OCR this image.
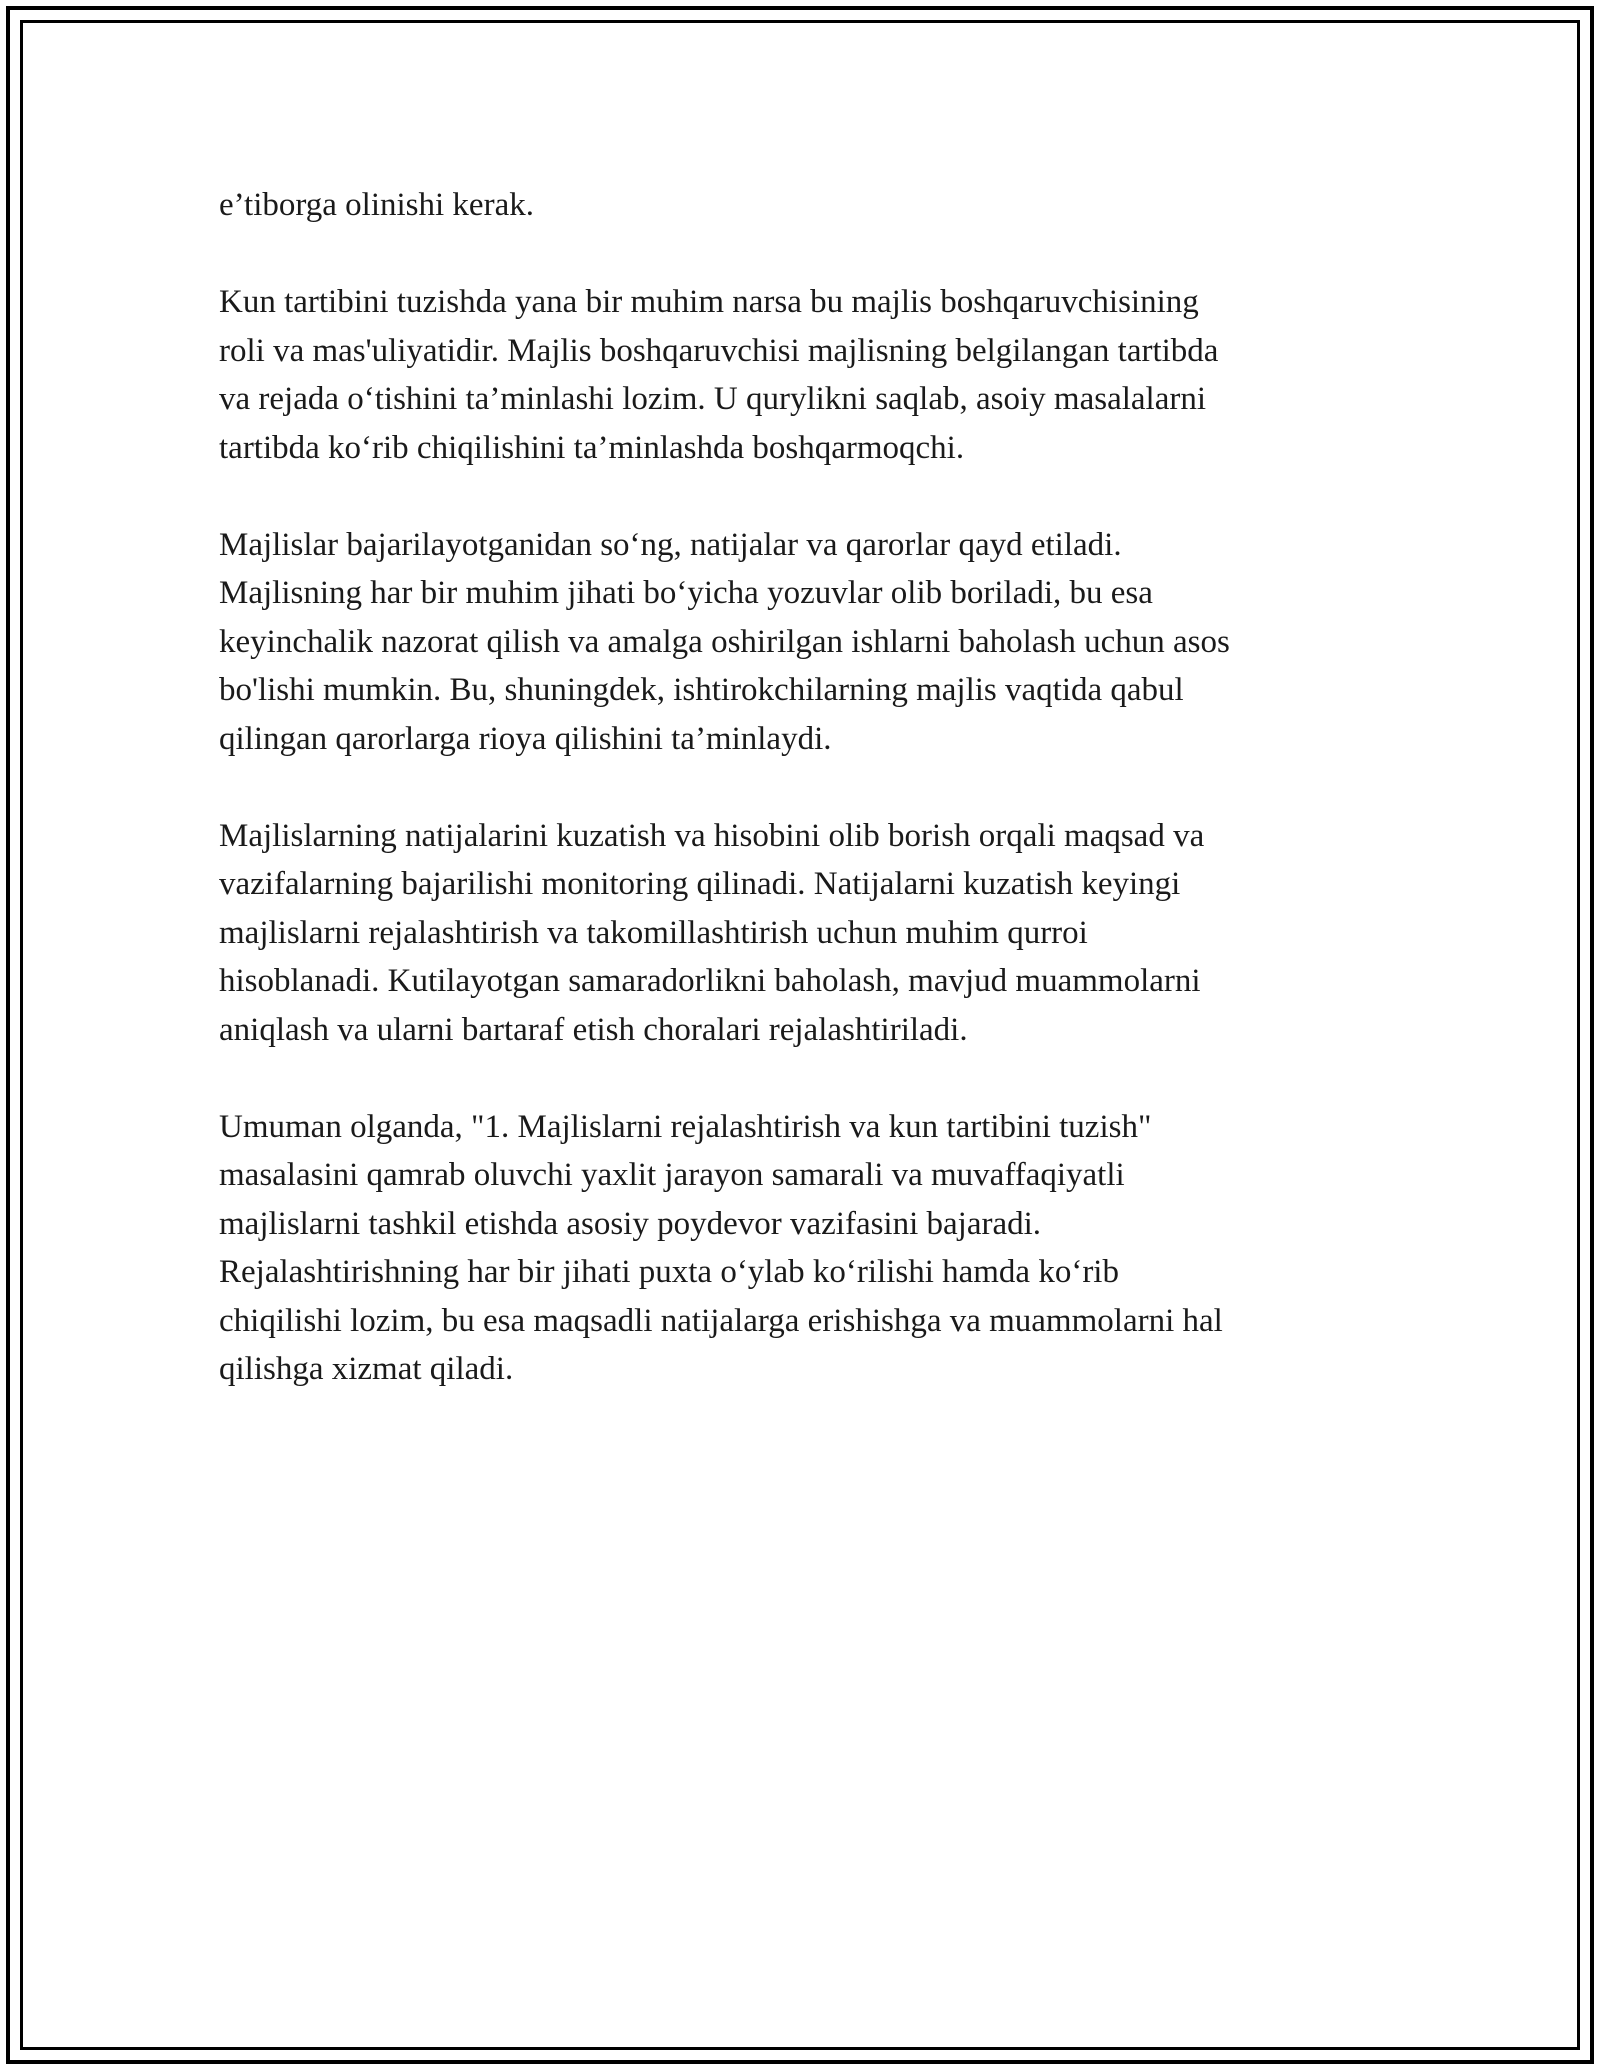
e’tiborga olinishi kerak.

Kun tartibini tuzishda yana bir muhim narsa bu majlis boshqaruvchisining
roli va mas'uliyatidir. Majlis boshqaruvchisi majlisning belgilangan tartibda
va rejada o‘tishini ta’minlashi lozim. U qurylikni saqlab, asoiy masalalarni
tartibda ko‘rib chiqilishini ta’minlashda boshqarmoqchi.

Majlislar bajarilayotganidan so‘ng, natijalar va qarorlar qayd etiladi.
Majlisning har bir muhim jihati bo‘yicha yozuvlar olib boriladi, bu esa
keyinchalik nazorat qilish va amalga oshirilgan ishlarni baholash uchun asos
bo'lishi mumkin. Bu, shuningdek, ishtirokchilarning majlis vaqtida qabul
qilingan qarorlarga rioya qilishini ta’minlaydi.

Majlislarning natijalarini kuzatish va hisobini olib borish orqali maqsad va
vazifalarning bajarilishi monitoring qilinadi. Natijalarni kuzatish keyingi
majlislarni rejalashtirish va takomillashtirish uchun muhim qurroi
hisoblanadi. Kutilayotgan samaradorlikni baholash, mavjud muammolarni
aniqlash va ularni bartaraf etish choralari rejalashtiriladi.

Umuman olganda, "1. Majlislarni rejalashtirish va kun tartibini tuzish"
masalasini qamrab oluvchi yaxlit jarayon samarali va muvaffaqiyatli
majlislarni tashkil etishda asosiy poydevor vazifasini bajaradi.
Rejalashtirishning har bir jihati puxta o‘ylab ko‘rilishi hamda ko‘rib
chiqilishi lozim, bu esa maqsadli natijalarga erishishga va muammolarni hal
qilishga xizmat qiladi.
